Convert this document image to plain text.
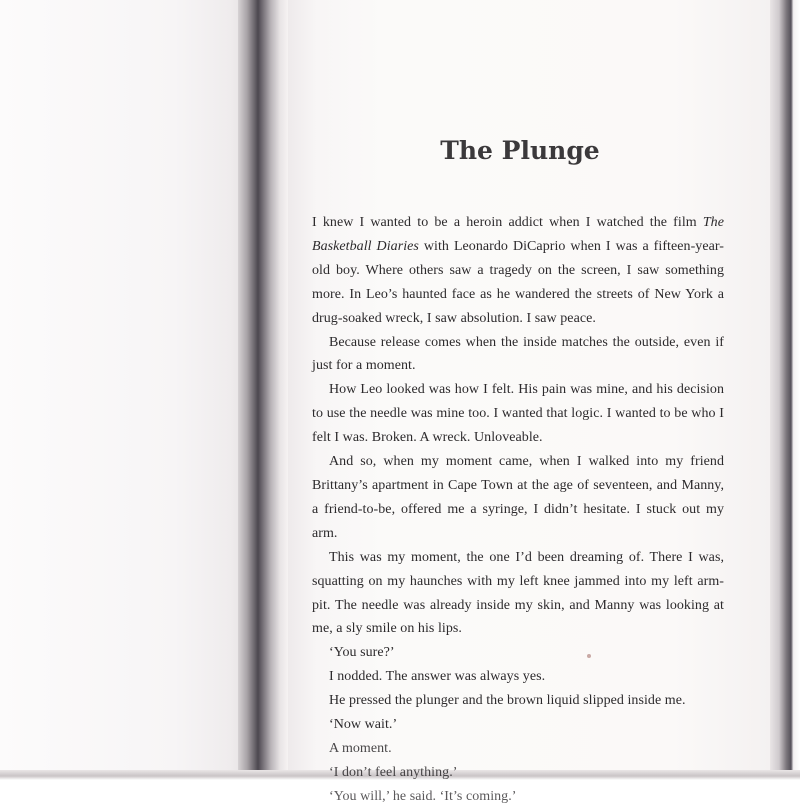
The Plunge

I knew I wanted to be a heroin addict when I watched the film The Basketball Diaries with Leonardo DiCaprio when I was a fifteen-year-old boy. Where others saw a tragedy on the screen, I saw something more. In Leo’s haunted face as he wandered the streets of New York a drug-soaked wreck, I saw absolution. I saw peace.

Because release comes when the inside matches the outside, even if just for a moment.

How Leo looked was how I felt. His pain was mine, and his decision to use the needle was mine too. I wanted that logic. I wanted to be who I felt I was. Broken. A wreck. Unloveable.

And so, when my moment came, when I walked into my friend Brittany’s apartment in Cape Town at the age of seventeen, and Manny, a friend-to-be, offered me a syringe, I didn’t hesitate. I stuck out my arm.

This was my moment, the one I’d been dreaming of. There I was, squatting on my haunches with my left knee jammed into my left arm-pit. The needle was already inside my skin, and Manny was looking at me, a sly smile on his lips.

‘You sure?’

I nodded. The answer was always yes.

He pressed the plunger and the brown liquid slipped inside me.

‘Now wait.’

A moment.

‘I don’t feel anything.’

‘You will,’ he said. ‘It’s coming.’
